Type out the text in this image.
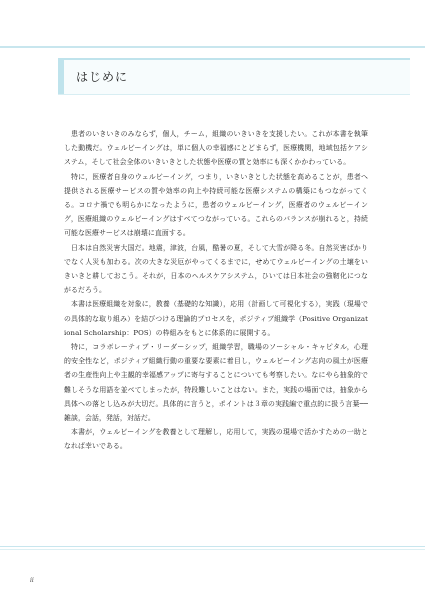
はじめに

患者のいきいきのみならず，個人，チーム，組織のいきいきを支援したい。これが本書を執筆した動機だ。ウェルビーイングは，単に個人の幸福感にとどまらず，医療機関，地域包括ケアシステム，そして社会全体のいきいきとした状態や医療の質と効率にも深くかかわっている。

特に，医療者自身のウェルビーイング，つまり，いきいきとした状態を高めることが，患者へ提供される医療サービスの質や効率の向上や持続可能な医療システムの構築にもつながってくる。コロナ禍でも明らかになったように，患者のウェルビーイング，医療者のウェルビーイング，医療組織のウェルビーイングはすべてつながっている。これらのバランスが崩れると，持続可能な医療サービスは崩壊に直面する。

日本は自然災害大国だ。地震，津波，台風，酷暑の夏，そして大雪が降る冬。自然災害ばかりでなく人災も加わる。次の大きな災厄がやってくるまでに，せめてウェルビーイングの土壌をいきいきと耕しておこう。それが，日本のヘルスケアシステム，ひいては日本社会の強靭化につながるだろう。

本書は医療組織を対象に，教養（基礎的な知識），応用（計画して可視化する），実践（現場での具体的な取り組み）を結びつける理論的プロセスを，ポジティブ組織学（Positive Organizational Scholarship：POS）の枠組みをもとに体系的に展開する。

特に，コラボレーティブ・リーダーシップ，組織学習，職場のソーシャル・キャピタル，心理的安全性など，ポジティブ組織行動の重要な要素に着目し，ウェルビーイング志向の風土が医療者の生産性向上や主観的幸福感アップに寄与することについても考察したい。なにやら抽象的で難しそうな用語を並べてしまったが，特段難しいことはない。また，実践の場面では，抽象から具体への落とし込みが大切だ。具体的に言うと，ポイントは３章の実践編で重点的に扱う言葉──雑談，会話，発話，対話だ。

本書が，ウェルビーイングを教養として理解し，応用して，実践の現場で活かすための一助となれば幸いである。

ii
